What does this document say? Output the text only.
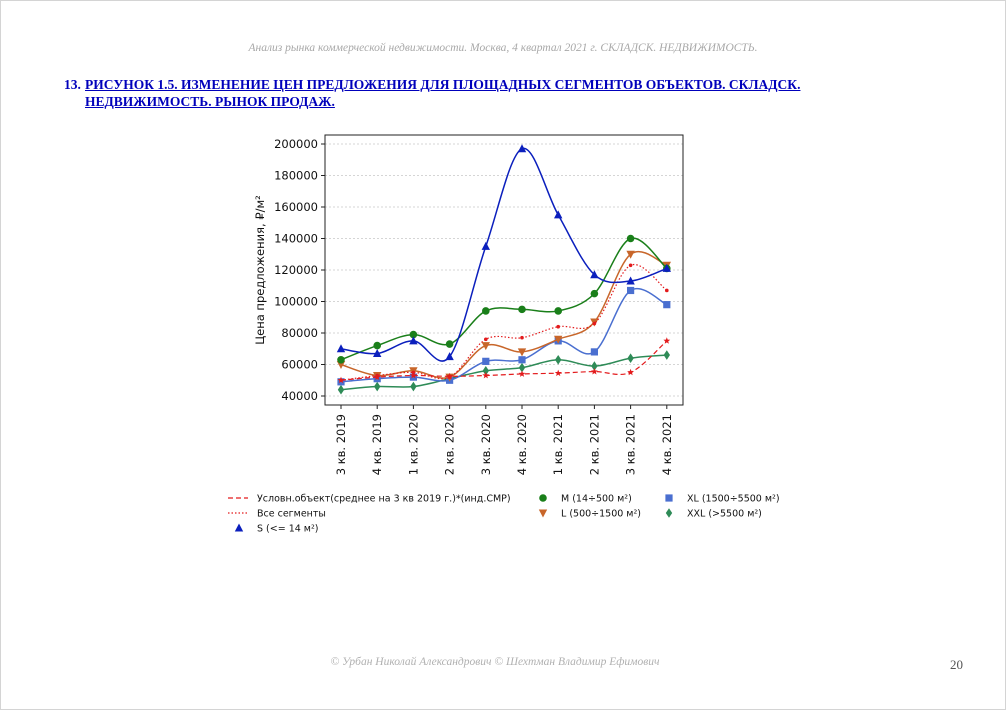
Анализ рынка коммерческой недвижимости. Москва, 4 квартал 2021 г. СКЛАДСК. НЕДВИЖИМОСТЬ.
13. РИСУНОК 1.5. ИЗМЕНЕНИЕ ЦЕН ПРЕДЛОЖЕНИЯ ДЛЯ ПЛОЩАДНЫХ СЕГМЕНТОВ ОБЪЕКТОВ. СКЛАДСК. НЕДВИЖИМОСТЬ. РЫНОК ПРОДАЖ.
40000
60000
80000
100000
120000
140000
160000
180000
200000
3 кв. 2019 4 кв. 2019 1 кв. 2020 2 кв. 2020 3 кв. 2020 4 кв. 2020 1 кв. 2021 2 кв. 2021 3 кв. 2021 4 кв. 2021
Условн.объект(среднее на 3 кв 2019 г.)*(инд.СМР)
Все сегменты
S (<= 14 м²)
M (14÷500 м²)
L (500÷1500 м²)
XL (1500÷5500 м²)
XXL (>5500 м²)
Цена предложения, ₽/м²
© Урбан Николай Александрович © Шехтман Владимир Ефимович	20
